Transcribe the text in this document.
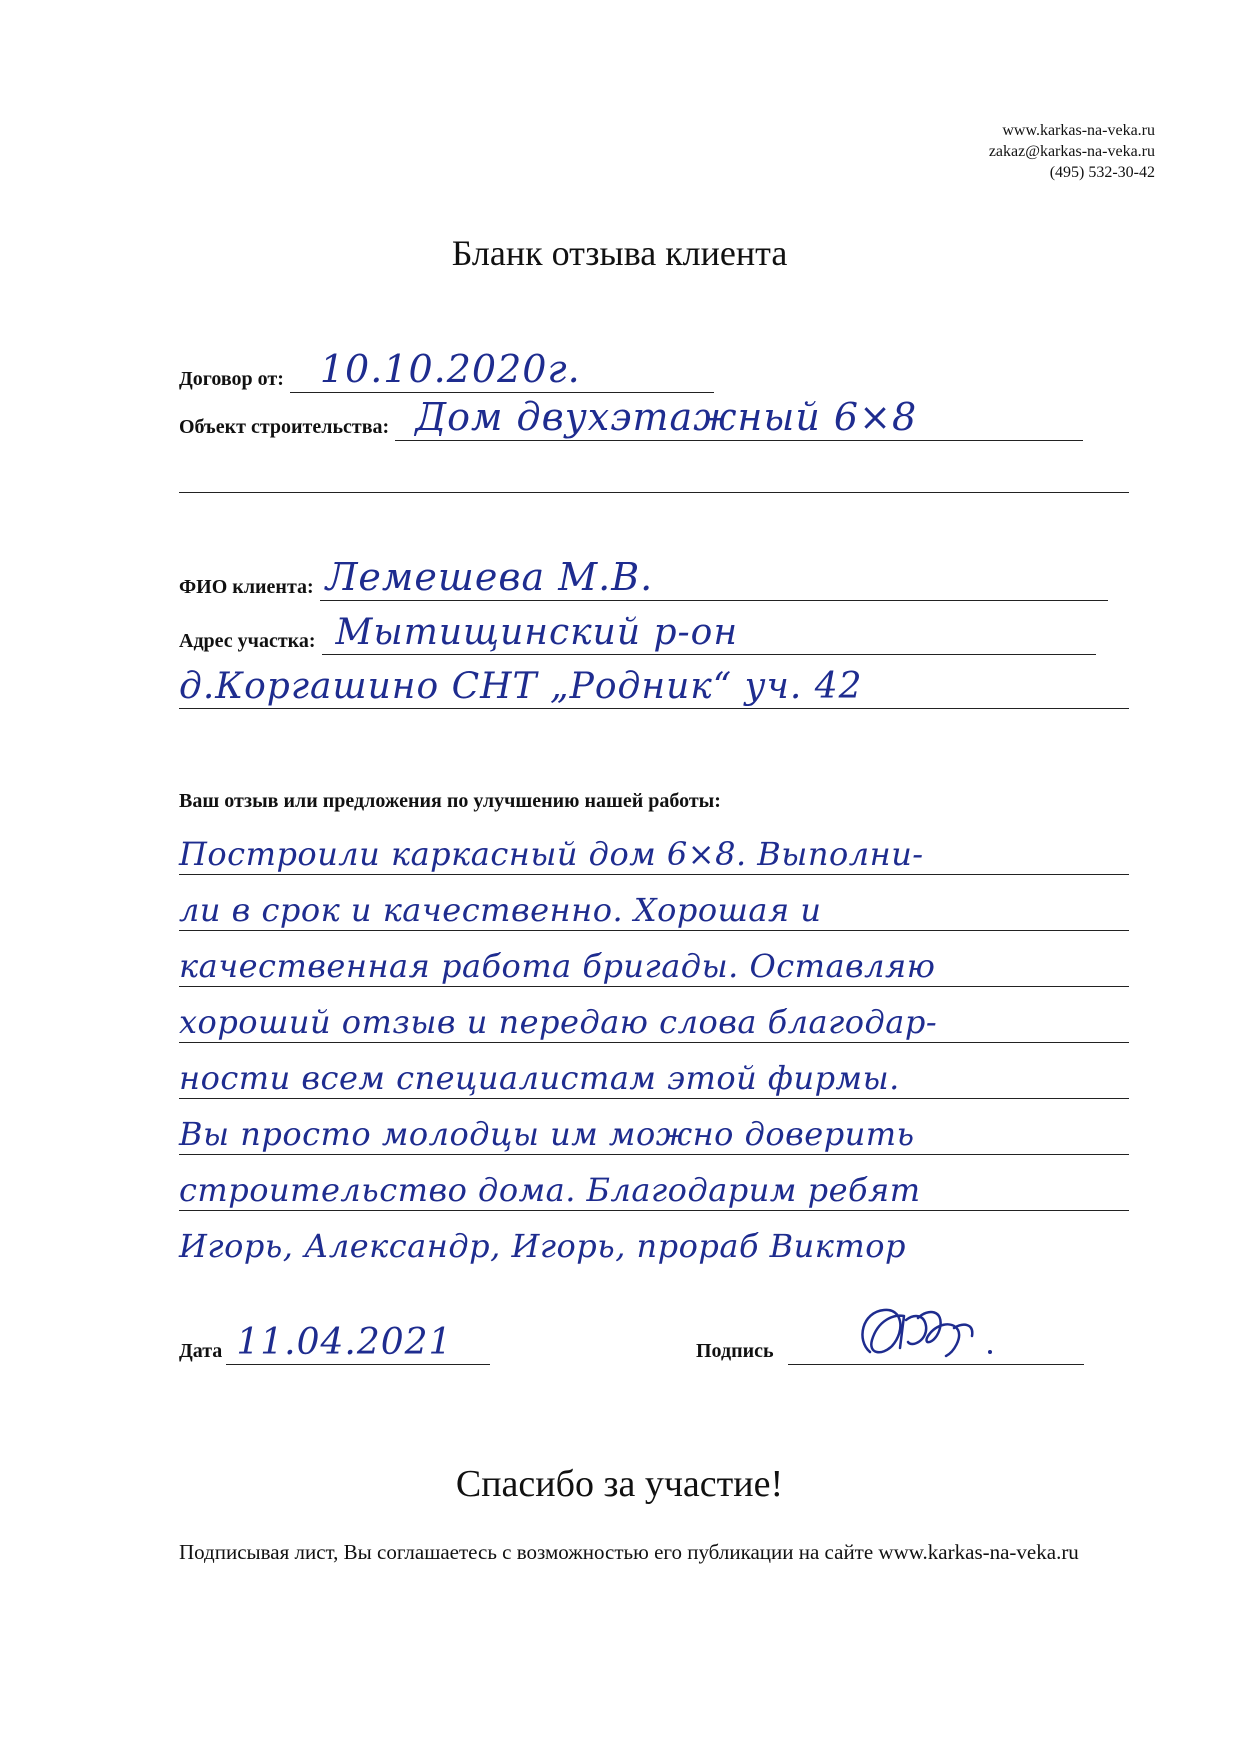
www.karkas-na-veka.ru
zakaz@karkas-na-veka.ru
(495) 532-30-42
Бланк отзыва клиента
Договор от: 10.10.2020г.
Объект строительства: Дом двухэтажный 6×8
ФИО клиента: Лемешева М.В.
Адрес участка: Мытищинский р-он
д.Коргашино СНТ „Родник“ уч. 42
Ваш отзыв или предложения по улучшению нашей работы:
Построили каркасный дом 6×8. Выполни-
ли в срок и качественно. Хорошая и
качественная работа бригады. Оставляю
хороший отзыв и передаю слова благодар-
ности всем специалистам этой фирмы.
Вы просто молодцы им можно доверить
строительство дома. Благодарим ребят
Игорь, Александр, Игорь, прораб Виктор
Дата 11.04.2021	Подпись
Спасибо за участие!
Подписывая лист, Вы соглашаетесь с возможностью его публикации на сайте www.karkas-na-veka.ru
